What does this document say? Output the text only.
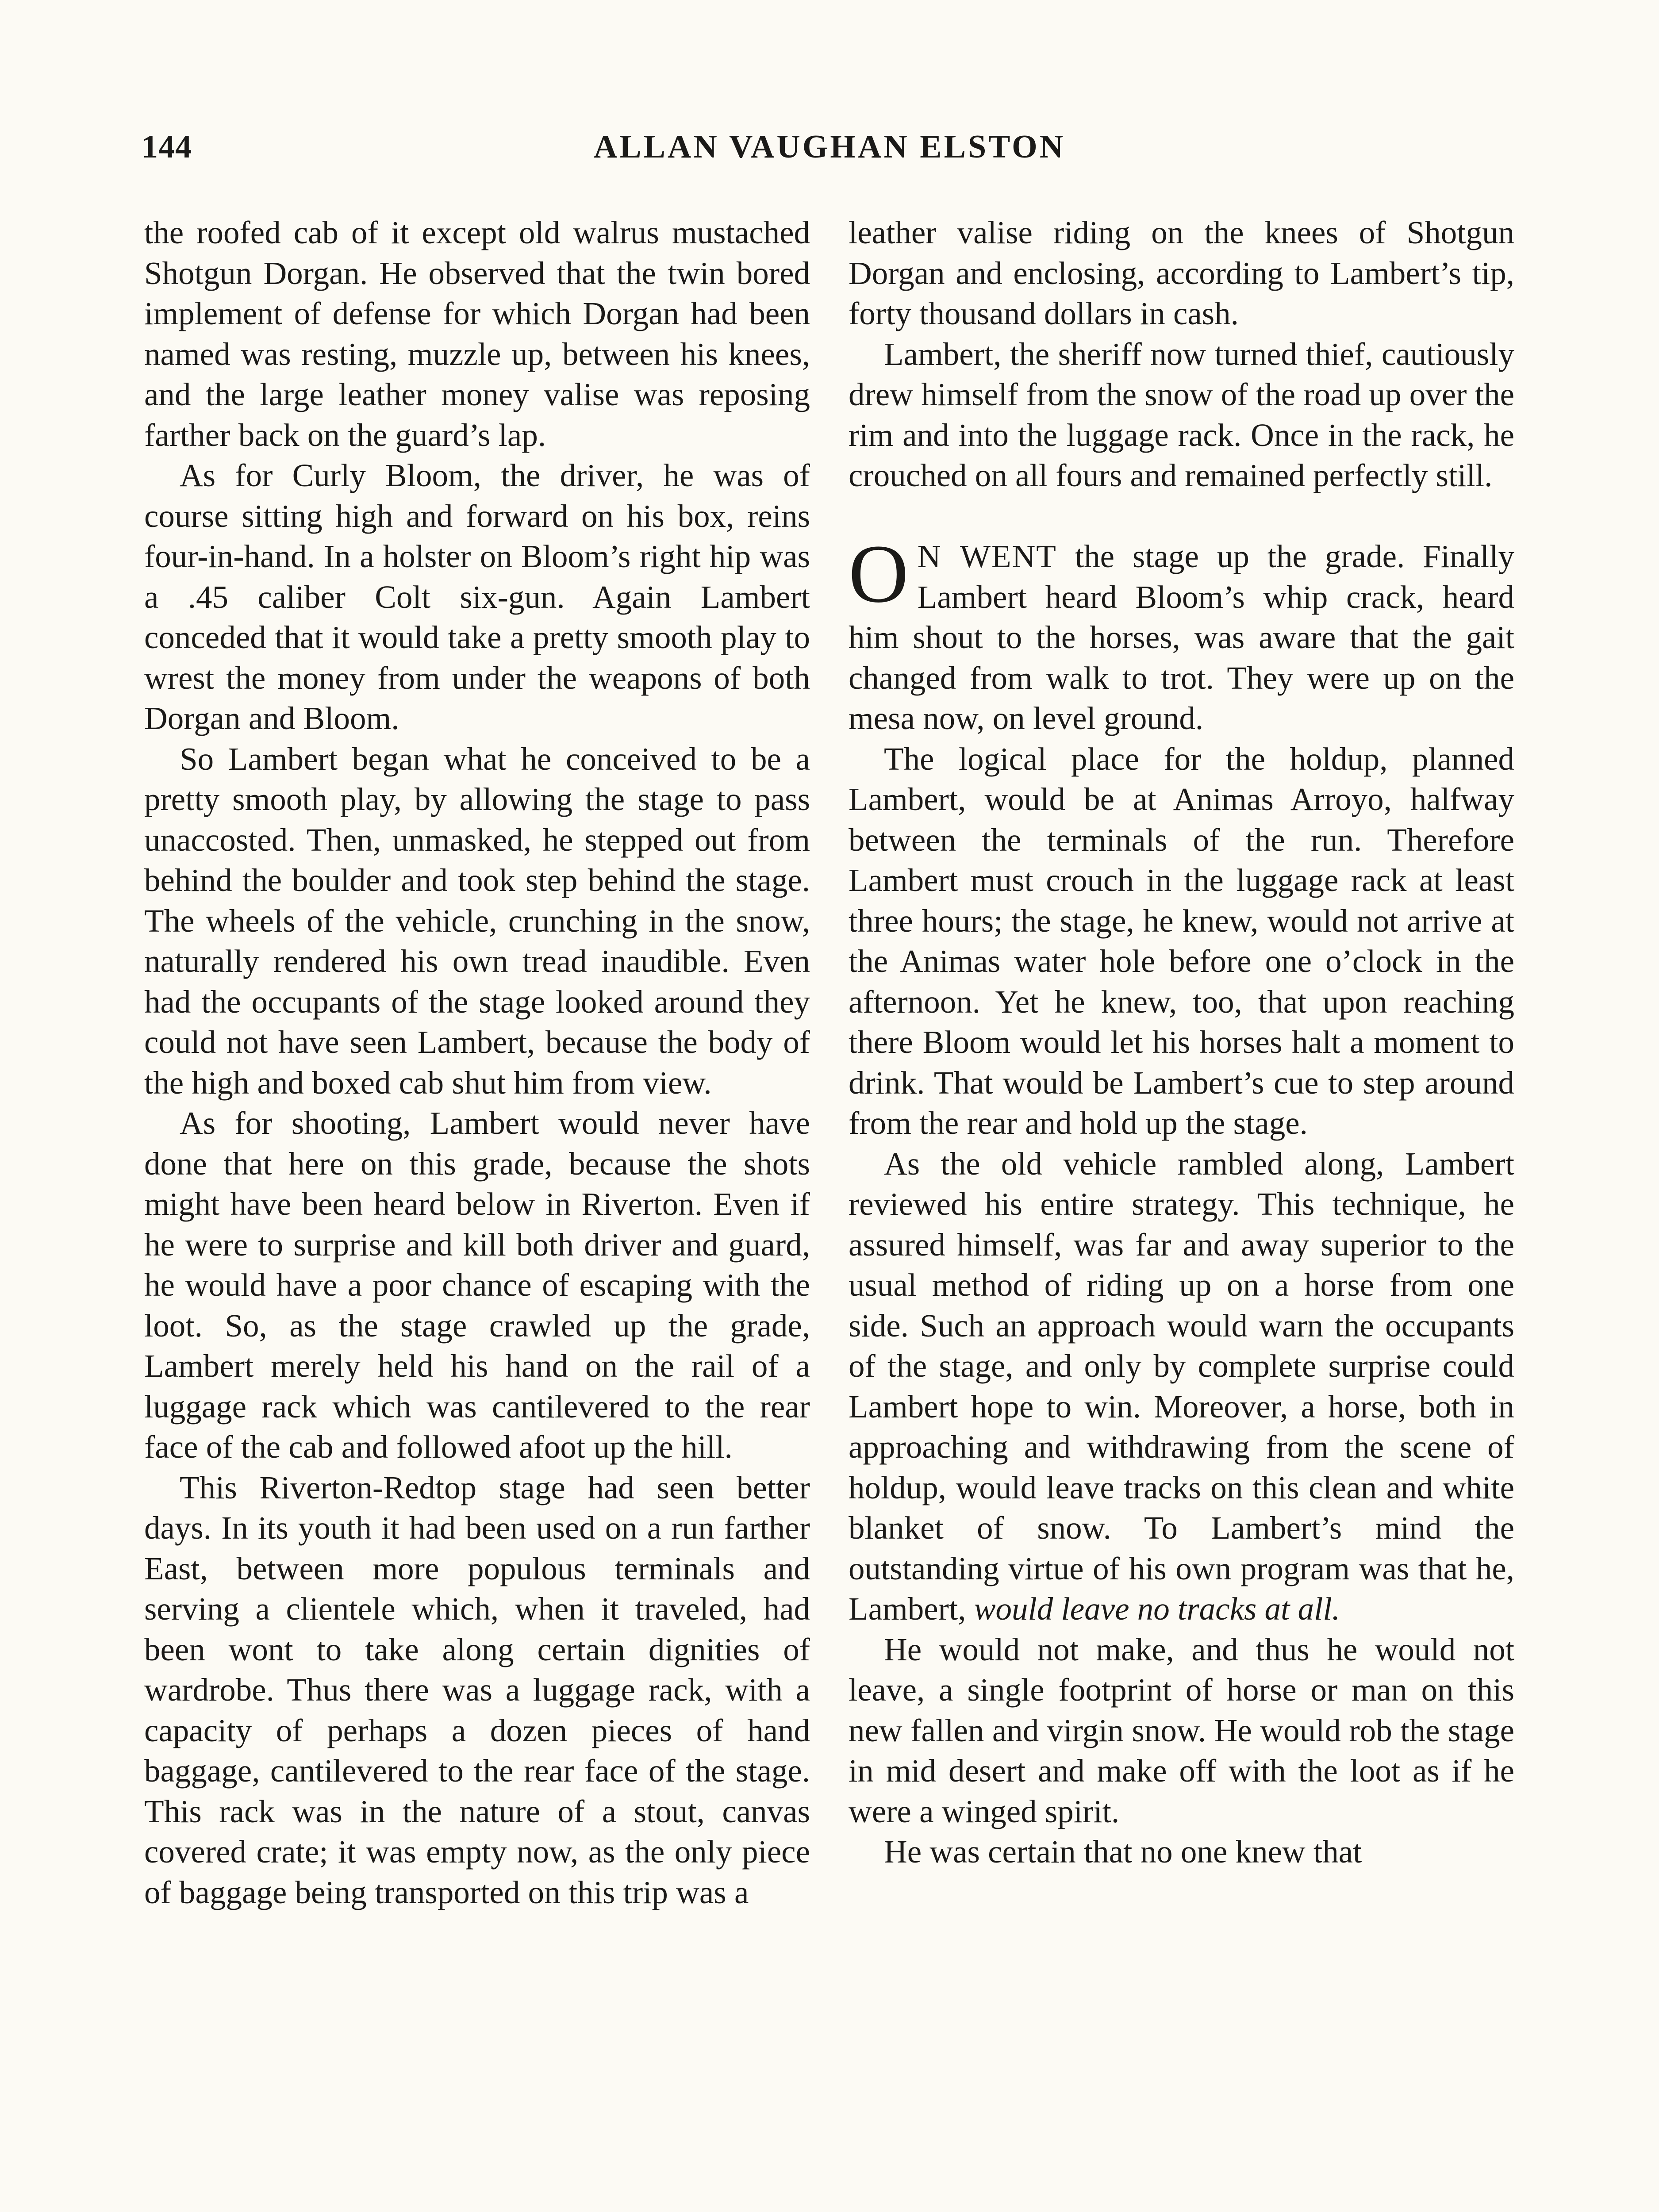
144	ALLAN VAUGHAN ELSTON

the roofed cab of it except old walrus mustached Shotgun Dorgan. He observed that the twin bored implement of defense for which Dorgan had been named was resting, muzzle up, between his knees, and the large leather money valise was reposing farther back on the guard’s lap.

As for Curly Bloom, the driver, he was of course sitting high and forward on his box, reins four-in-hand. In a holster on Bloom’s right hip was a .45 caliber Colt six-gun. Again Lambert conceded that it would take a pretty smooth play to wrest the money from under the weapons of both Dorgan and Bloom.

So Lambert began what he conceived to be a pretty smooth play, by allowing the stage to pass unaccosted. Then, unmasked, he stepped out from behind the boulder and took step behind the stage. The wheels of the vehicle, crunching in the snow, naturally rendered his own tread inaudible. Even had the occupants of the stage looked around they could not have seen Lambert, because the body of the high and boxed cab shut him from view.

As for shooting, Lambert would never have done that here on this grade, because the shots might have been heard below in Riverton. Even if he were to surprise and kill both driver and guard, he would have a poor chance of escaping with the loot. So, as the stage crawled up the grade, Lambert merely held his hand on the rail of a luggage rack which was cantilevered to the rear face of the cab and followed afoot up the hill.

This Riverton-Redtop stage had seen better days. In its youth it had been used on a run farther East, between more populous terminals and serving a clientele which, when it traveled, had been wont to take along certain dignities of wardrobe. Thus there was a luggage rack, with a capacity of perhaps a dozen pieces of hand baggage, cantilevered to the rear face of the stage. This rack was in the nature of a stout, canvas covered crate; it was empty now, as the only piece of baggage being transported on this trip was a

leather valise riding on the knees of Shotgun Dorgan and enclosing, according to Lambert’s tip, forty thousand dollars in cash.

Lambert, the sheriff now turned thief, cautiously drew himself from the snow of the road up over the rim and into the luggage rack. Once in the rack, he crouched on all fours and remained perfectly still.

O N WENT the stage up the grade. Finally Lambert heard Bloom’s whip crack, heard him shout to the horses, was aware that the gait changed from walk to trot. They were up on the mesa now, on level ground.

The logical place for the holdup, planned Lambert, would be at Animas Arroyo, halfway between the terminals of the run. Therefore Lambert must crouch in the luggage rack at least three hours; the stage, he knew, would not arrive at the Animas water hole before one o’clock in the afternoon. Yet he knew, too, that upon reaching there Bloom would let his horses halt a moment to drink. That would be Lambert’s cue to step around from the rear and hold up the stage.

As the old vehicle rambled along, Lambert reviewed his entire strategy. This technique, he assured himself, was far and away superior to the usual method of riding up on a horse from one side. Such an approach would warn the occupants of the stage, and only by complete surprise could Lambert hope to win. Moreover, a horse, both in approaching and withdrawing from the scene of holdup, would leave tracks on this clean and white blanket of snow. To Lambert’s mind the outstanding virtue of his own program was that he, Lambert, would leave no tracks at all.

He would not make, and thus he would not leave, a single footprint of horse or man on this new fallen and virgin snow. He would rob the stage in mid desert and make off with the loot as if he were a winged spirit.

He was certain that no one knew that
